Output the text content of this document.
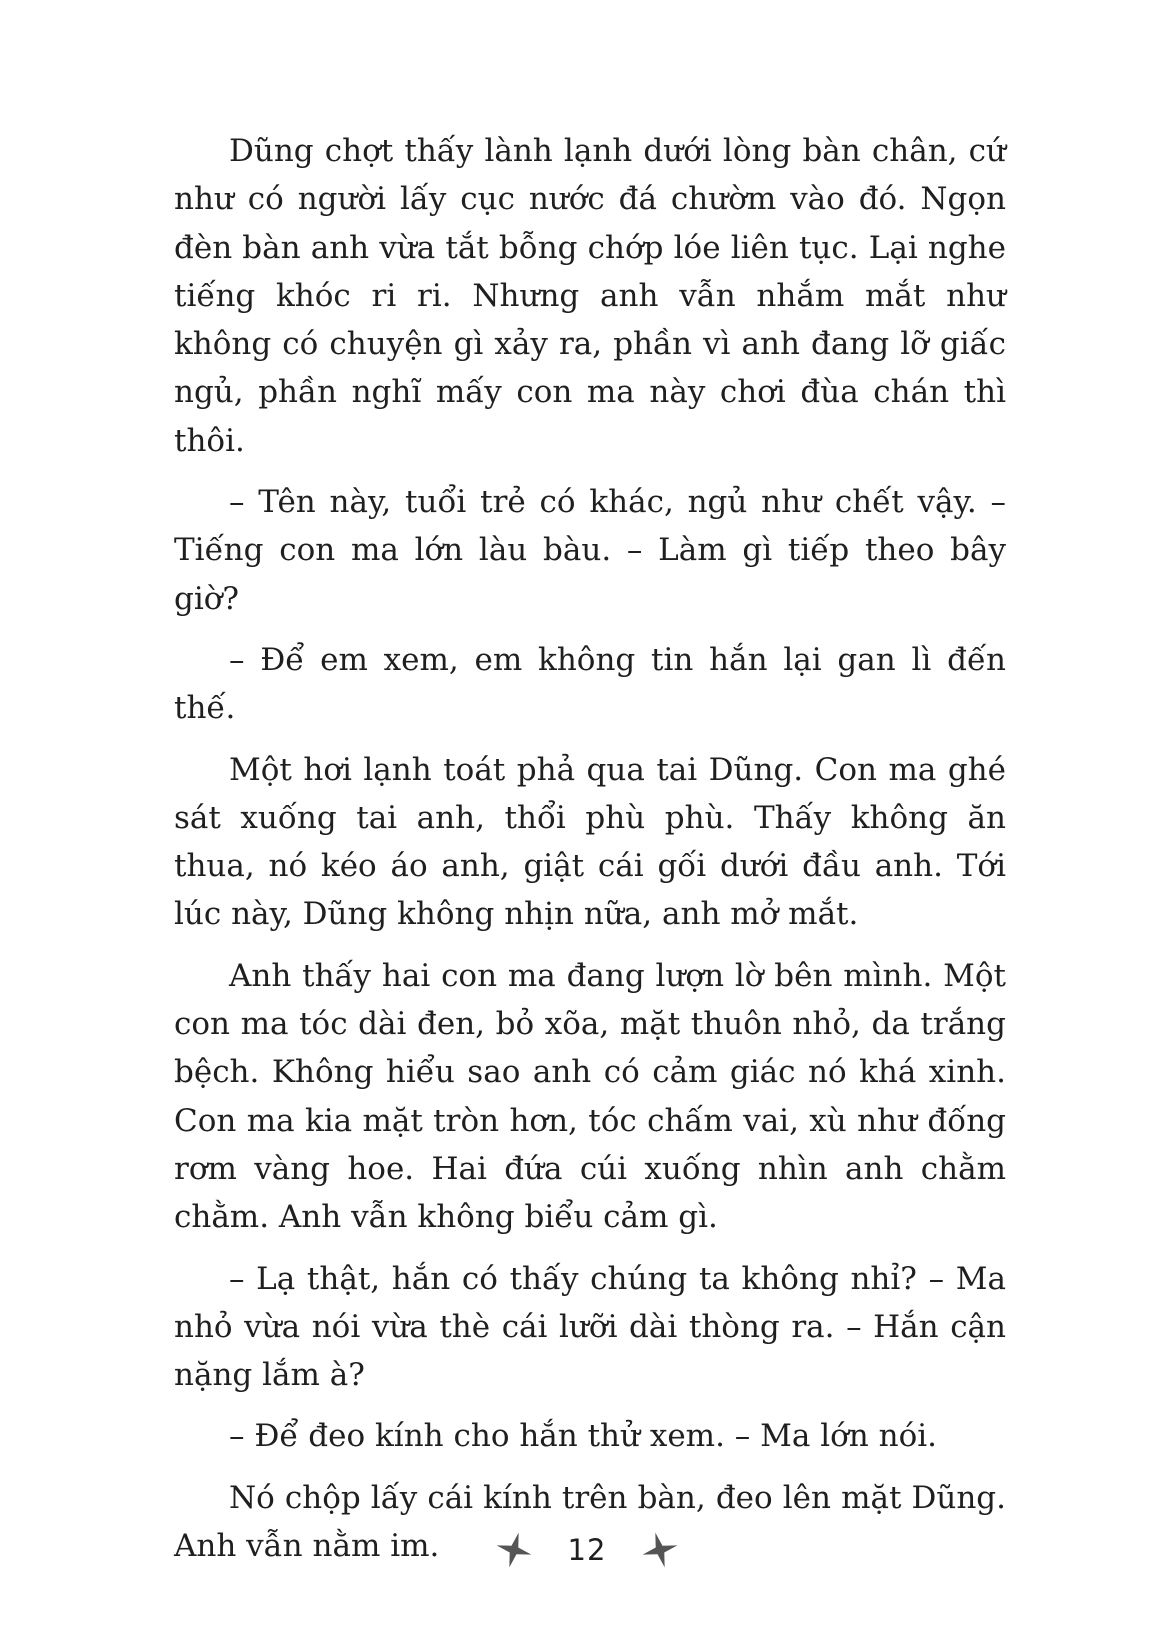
Dũng chợt thấy lành lạnh dưới lòng bàn chân, cứ như có người lấy cục nước đá chườm vào đó. Ngọn đèn bàn anh vừa tắt bỗng chớp lóe liên tục. Lại nghe tiếng khóc ri ri. Nhưng anh vẫn nhắm mắt như không có chuyện gì xảy ra, phần vì anh đang lỡ giấc ngủ, phần nghĩ mấy con ma này chơi đùa chán thì thôi.

– Tên này, tuổi trẻ có khác, ngủ như chết vậy. – Tiếng con ma lớn làu bàu. – Làm gì tiếp theo bây giờ?

– Để em xem, em không tin hắn lại gan lì đến thế.

Một hơi lạnh toát phả qua tai Dũng. Con ma ghé sát xuống tai anh, thổi phù phù. Thấy không ăn thua, nó kéo áo anh, giật cái gối dưới đầu anh. Tới lúc này, Dũng không nhịn nữa, anh mở mắt.

Anh thấy hai con ma đang lượn lờ bên mình. Một con ma tóc dài đen, bỏ xõa, mặt thuôn nhỏ, da trắng bệch. Không hiểu sao anh có cảm giác nó khá xinh. Con ma kia mặt tròn hơn, tóc chấm vai, xù như đống rơm vàng hoe. Hai đứa cúi xuống nhìn anh chằm chằm. Anh vẫn không biểu cảm gì.

– Lạ thật, hắn có thấy chúng ta không nhỉ? – Ma nhỏ vừa nói vừa thè cái lưỡi dài thòng ra. – Hắn cận nặng lắm à?

– Để đeo kính cho hắn thử xem. – Ma lớn nói.

Nó chộp lấy cái kính trên bàn, đeo lên mặt Dũng. Anh vẫn nằm im.	12
